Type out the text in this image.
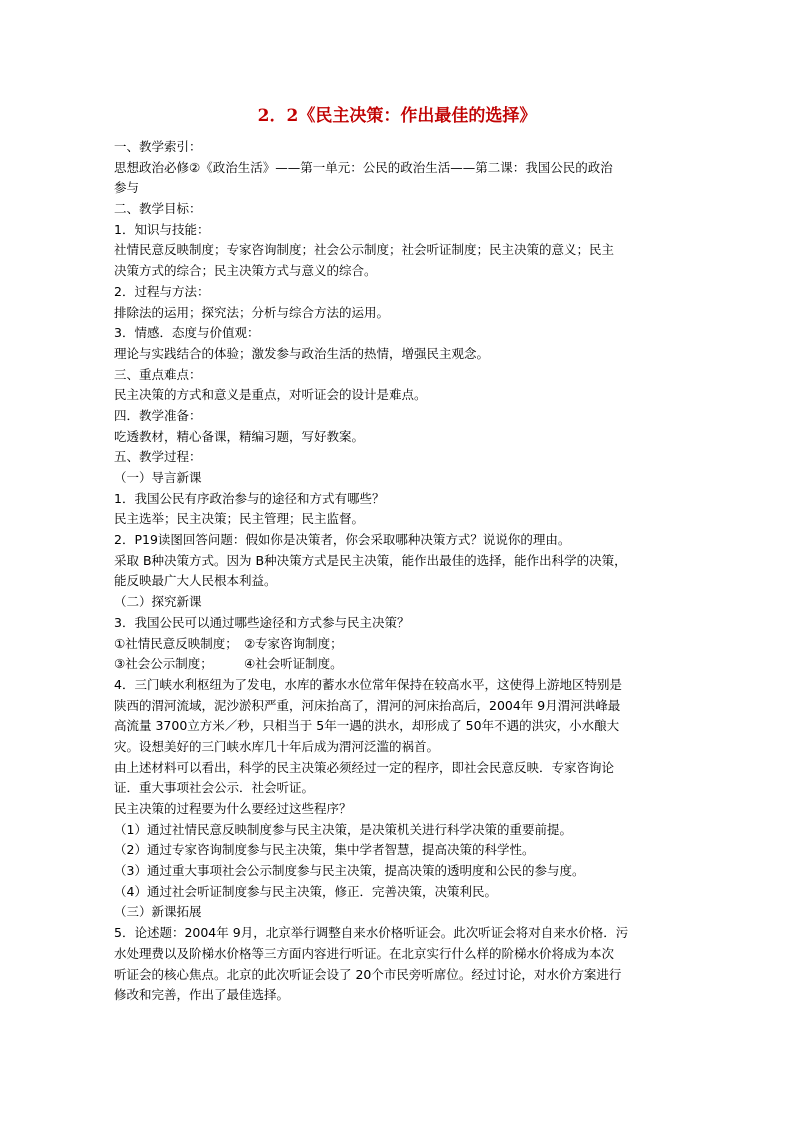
2．2《民主决策：作出最佳的选择》
一、教学索引：
思想政治必修②《政治生活》——第一单元：公民的政治生活——第二课：我国公民的政治
参与
二、教学目标：
1．知识与技能：
社情民意反映制度；专家咨询制度；社会公示制度；社会听证制度；民主决策的意义；民主
决策方式的综合；民主决策方式与意义的综合。
2．过程与方法：
排除法的运用；探究法；分析与综合方法的运用。
3．情感．态度与价值观：
理论与实践结合的体验；激发参与政治生活的热情，增强民主观念。
三、重点难点：
民主决策的方式和意义是重点，对听证会的设计是难点。
四．教学准备：
吃透教材，精心备课，精编习题，写好教案。
五、教学过程：
（一）导言新课
1．我国公民有序政治参与的途径和方式有哪些？
民主选举；民主决策；民主管理；民主监督。
2．P19读图回答问题：假如你是决策者，你会采取哪种决策方式？说说你的理由。
采取 B种决策方式。因为 B种决策方式是民主决策，能作出最佳的选择，能作出科学的决策，
能反映最广大人民根本利益。
（二）探究新课
3．我国公民可以通过哪些途径和方式参与民主决策？
①社情民意反映制度；　②专家咨询制度；
③社会公示制度；　　　④社会听证制度。
4．三门峡水利枢纽为了发电，水库的蓄水水位常年保持在较高水平，这使得上游地区特别是
陕西的渭河流域，泥沙淤积严重，河床抬高了，渭河的河床抬高后，2004年 9月渭河洪峰最
高流量 3700立方米／秒，只相当于 5年一遇的洪水，却形成了 50年不遇的洪灾，小水酿大
灾。设想美好的三门峡水库几十年后成为渭河泛滥的祸首。
由上述材料可以看出，科学的民主决策必须经过一定的程序，即社会民意反映．专家咨询论
证．重大事项社会公示．社会听证。
民主决策的过程要为什么要经过这些程序？
（1）通过社情民意反映制度参与民主决策，是决策机关进行科学决策的重要前提。
（2）通过专家咨询制度参与民主决策，集中学者智慧，提高决策的科学性。
（3）通过重大事项社会公示制度参与民主决策，提高决策的透明度和公民的参与度。
（4）通过社会听证制度参与民主决策，修正．完善决策，决策利民。
（三）新课拓展
5．论述题：2004年 9月，北京举行调整自来水价格听证会。此次听证会将对自来水价格．污
水处理费以及阶梯水价格等三方面内容进行听证。在北京实行什么样的阶梯水价将成为本次
听证会的核心焦点。北京的此次听证会设了 20个市民旁听席位。经过讨论，对水价方案进行
修改和完善，作出了最佳选择。
